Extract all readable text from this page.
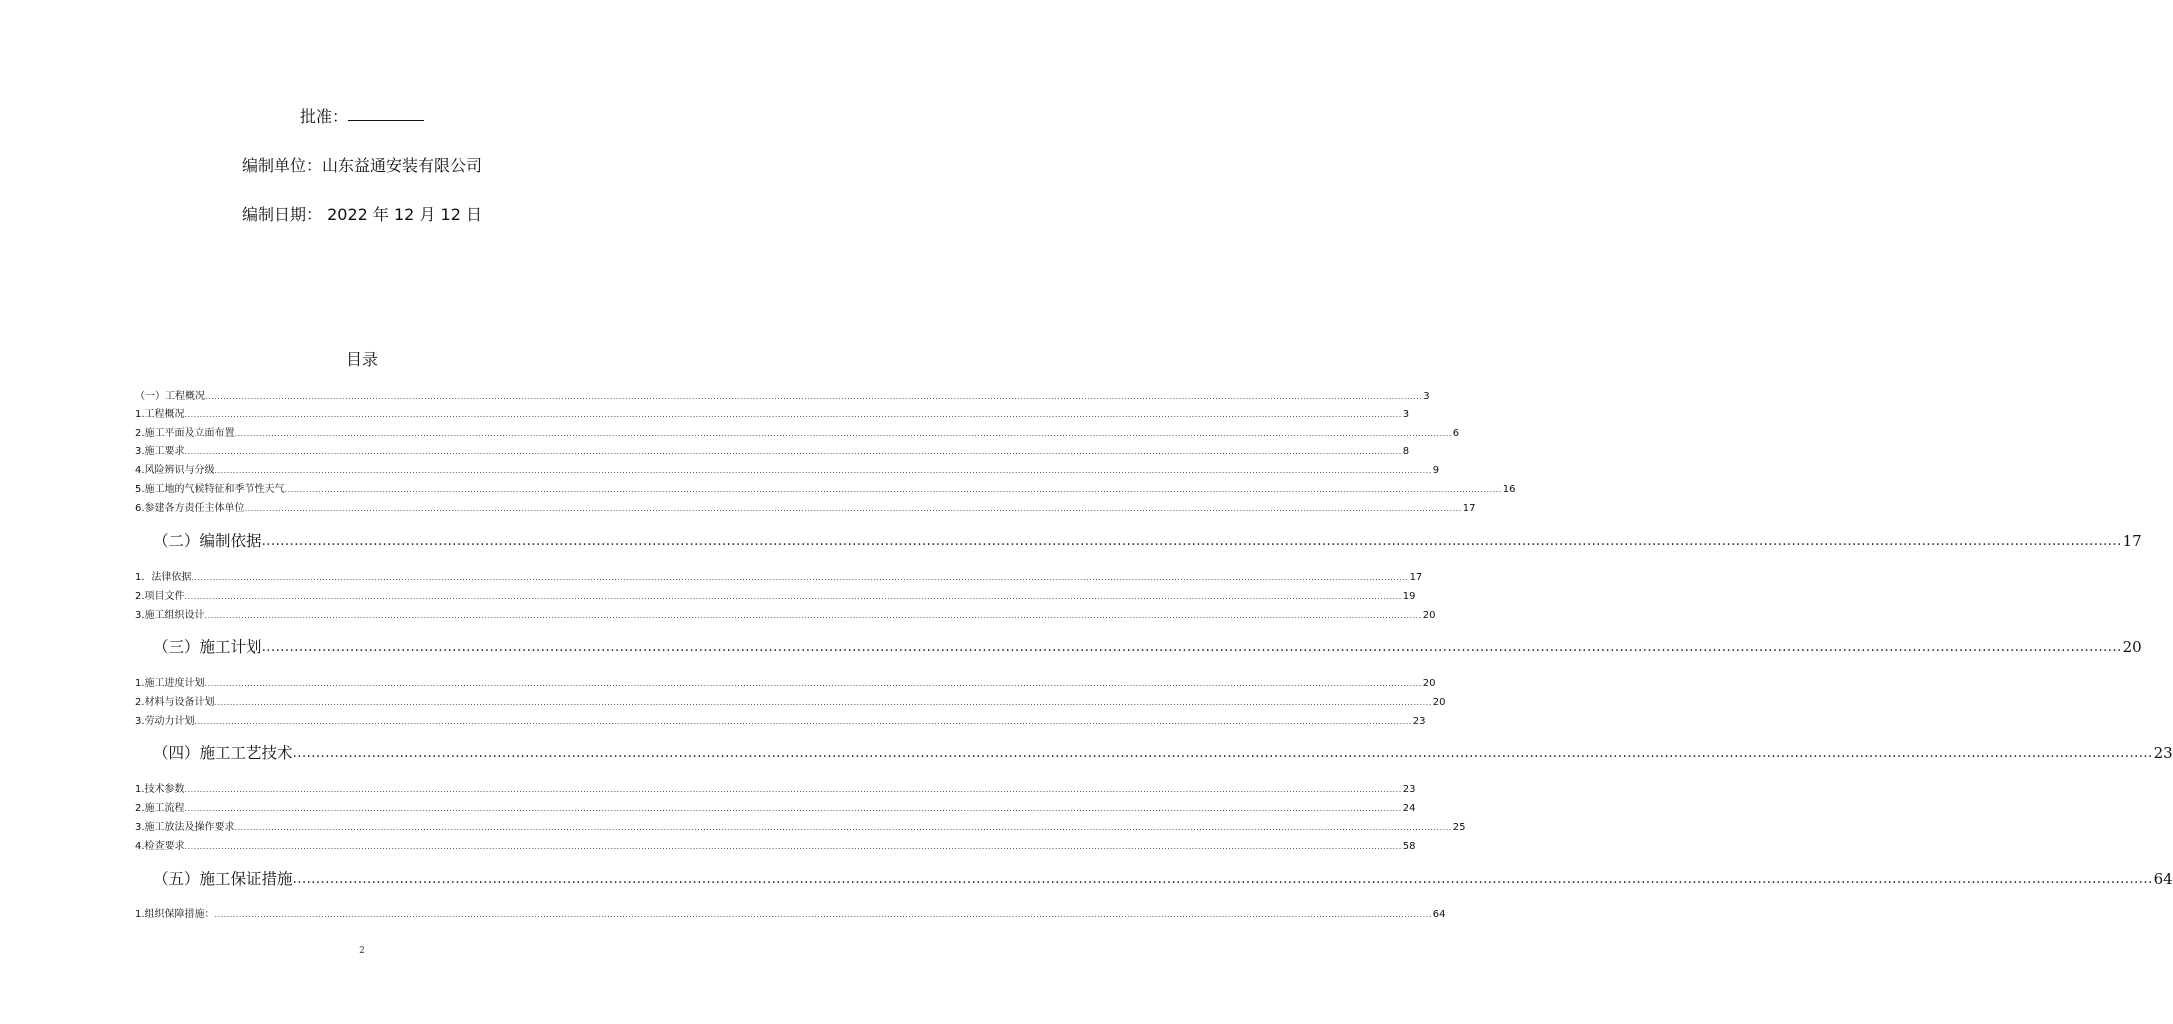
批准：
编制单位：山东益通安装有限公司
编制日期： 2022 年 12 月 12 日
目录
（一）工程概况 ................................................................................................................................................................................................................................................................................................................................................................................................................ 3
1.工程概况 ................................................................................................................................................................................................................................................................................................................................................................................................................ 3
2.施工平面及立面布置 ................................................................................................................................................................................................................................................................................................................................................................................................................ 6
3.施工要求 ................................................................................................................................................................................................................................................................................................................................................................................................................ 8
4.风险辨识与分级 ................................................................................................................................................................................................................................................................................................................................................................................................................ 9
5.施工地的气候特征和季节性天气 ................................................................................................................................................................................................................................................................................................................................................................................................................ 16
6.参建各方责任主体单位 ................................................................................................................................................................................................................................................................................................................................................................................................................ 17
（二）编制依据 ................................................................................................................................................................................................................................................................................................................................................................................................................ 17
1．法律依据 ................................................................................................................................................................................................................................................................................................................................................................................................................ 17
2.项目文件 ................................................................................................................................................................................................................................................................................................................................................................................................................ 19
3.施工组织设计 ................................................................................................................................................................................................................................................................................................................................................................................................................ 20
（三）施工计划 ................................................................................................................................................................................................................................................................................................................................................................................................................ 20
1.施工进度计划 ................................................................................................................................................................................................................................................................................................................................................................................................................ 20
2.材料与设备计划 ................................................................................................................................................................................................................................................................................................................................................................................................................ 20
3.劳动力计划 ................................................................................................................................................................................................................................................................................................................................................................................................................ 23
（四）施工工艺技术 ................................................................................................................................................................................................................................................................................................................................................................................................................ 23
1.技术参数 ................................................................................................................................................................................................................................................................................................................................................................................................................ 23
2.施工流程 ................................................................................................................................................................................................................................................................................................................................................................................................................ 24
3.施工放法及操作要求 ................................................................................................................................................................................................................................................................................................................................................................................................................ 25
4.检查要求 ................................................................................................................................................................................................................................................................................................................................................................................................................ 58
（五）施工保证措施 ................................................................................................................................................................................................................................................................................................................................................................................................................ 64
1.组织保障措施： ................................................................................................................................................................................................................................................................................................................................................................................................................ 64
2
